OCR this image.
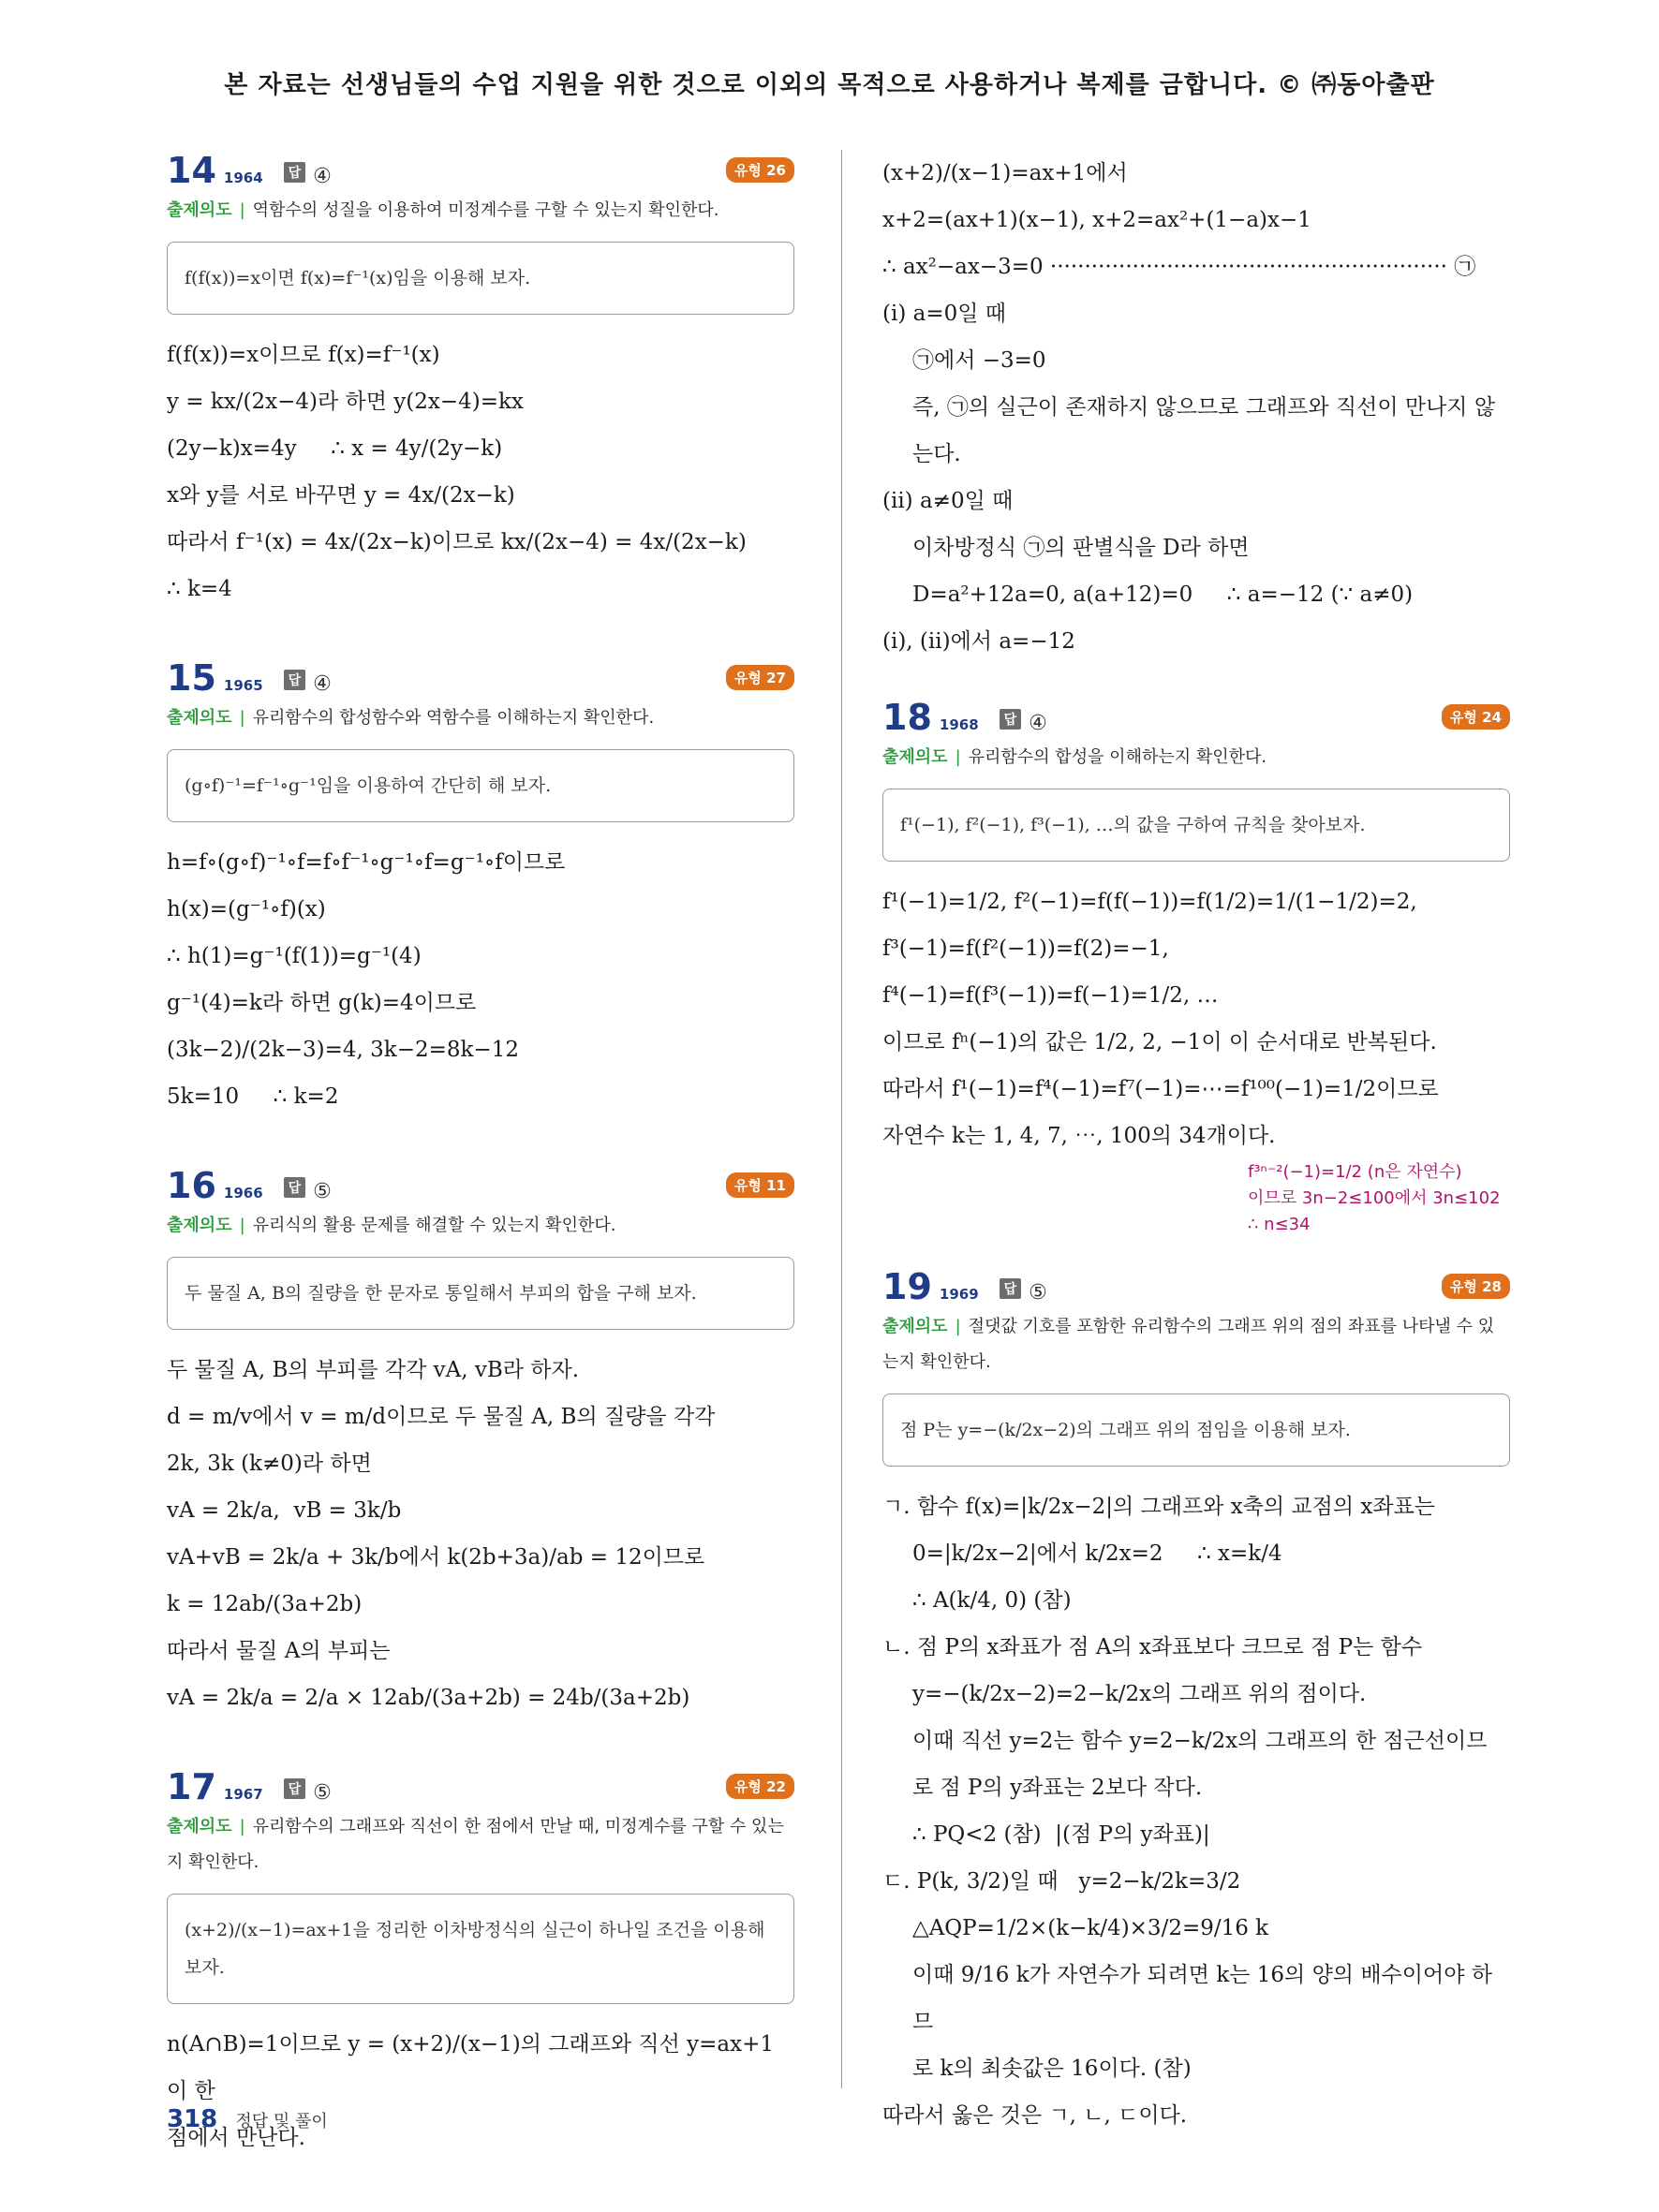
본 자료는 선생님들의 수업 지원을 위한 것으로 이외의 목적으로 사용하거나 복제를 금합니다. © ㈜동아출판
14 1964	답 ④	유형 26
출제의도 | 역함수의 성질을 이용하여 미정계수를 구할 수 있는지 확인한다.
f(f(x))=x이면 f(x)=f⁻¹(x)임을 이용해 보자.
f(f(x))=x이므로 f(x)=f⁻¹(x)
y = kx/(2x−4)라 하면 y(2x−4)=kx
(2y−k)x=4y     ∴ x = 4y/(2y−k)
x와 y를 서로 바꾸면 y = 4x/(2x−k)
따라서 f⁻¹(x) = 4x/(2x−k)이므로 kx/(2x−4) = 4x/(2x−k)
∴ k=4
15 1965	답 ④	유형 27
출제의도 | 유리함수의 합성함수와 역함수를 이해하는지 확인한다.
(g∘f)⁻¹=f⁻¹∘g⁻¹임을 이용하여 간단히 해 보자.
h=f∘(g∘f)⁻¹∘f=f∘f⁻¹∘g⁻¹∘f=g⁻¹∘f이므로
h(x)=(g⁻¹∘f)(x)
∴ h(1)=g⁻¹(f(1))=g⁻¹(4)
g⁻¹(4)=k라 하면 g(k)=4이므로
(3k−2)/(2k−3)=4, 3k−2=8k−12
5k=10     ∴ k=2
16 1966	답 ⑤	유형 11
출제의도 | 유리식의 활용 문제를 해결할 수 있는지 확인한다.
두 물질 A, B의 질량을 한 문자로 통일해서 부피의 합을 구해 보자.
두 물질 A, B의 부피를 각각 vA, vB라 하자.
d = m/v에서 v = m/d이므로 두 물질 A, B의 질량을 각각
2k, 3k (k≠0)라 하면
vA = 2k/a,  vB = 3k/b
vA+vB = 2k/a + 3k/b에서 k(2b+3a)/ab = 12이므로
k = 12ab/(3a+2b)
따라서 물질 A의 부피는
vA = 2k/a = 2/a × 12ab/(3a+2b) = 24b/(3a+2b)
17 1967	답 ⑤	유형 22
출제의도 | 유리함수의 그래프와 직선이 한 점에서 만날 때, 미정계수를 구할 수 있는지 확인한다.
(x+2)/(x−1)=ax+1을 정리한 이차방정식의 실근이 하나일 조건을 이용해 보자.
n(A∩B)=1이므로 y = (x+2)/(x−1)의 그래프와 직선 y=ax+1이 한
점에서 만난다.
(x+2)/(x−1)=ax+1에서
x+2=(ax+1)(x−1), x+2=ax²+(1−a)x−1
∴ ax²−ax−3=0 ·························································· ㉠
(i) a=0일 때
㉠에서 −3=0
즉, ㉠의 실근이 존재하지 않으므로 그래프와 직선이 만나지 않
는다.
(ii) a≠0일 때
이차방정식 ㉠의 판별식을 D라 하면
D=a²+12a=0, a(a+12)=0     ∴ a=−12 (∵ a≠0)
(i), (ii)에서 a=−12
18 1968	답 ④	유형 24
출제의도 | 유리함수의 합성을 이해하는지 확인한다.
f¹(−1), f²(−1), f³(−1), …의 값을 구하여 규칙을 찾아보자.
f¹(−1)=1/2, f²(−1)=f(f(−1))=f(1/2)=1/(1−1/2)=2,
f³(−1)=f(f²(−1))=f(2)=−1,
f⁴(−1)=f(f³(−1))=f(−1)=1/2, …
이므로 fⁿ(−1)의 값은 1/2, 2, −1이 이 순서대로 반복된다.
따라서 f¹(−1)=f⁴(−1)=f⁷(−1)=⋯=f¹⁰⁰(−1)=1/2이므로
자연수 k는 1, 4, 7, ⋯, 100의 34개이다.
f³ⁿ⁻²(−1)=1/2 (n은 자연수)
이므로 3n−2≤100에서 3n≤102
∴ n≤34
19 1969	답 ⑤	유형 28
출제의도 | 절댓값 기호를 포함한 유리함수의 그래프 위의 점의 좌표를 나타낼 수 있는지 확인한다.
점 P는 y=−(k/2x−2)의 그래프 위의 점임을 이용해 보자.
ㄱ. 함수 f(x)=|k/2x−2|의 그래프와 x축의 교점의 x좌표는
0=|k/2x−2|에서 k/2x=2     ∴ x=k/4
∴ A(k/4, 0) (참)
ㄴ. 점 P의 x좌표가 점 A의 x좌표보다 크므로 점 P는 함수
y=−(k/2x−2)=2−k/2x의 그래프 위의 점이다.
이때 직선 y=2는 함수 y=2−k/2x의 그래프의 한 점근선이므
로 점 P의 y좌표는 2보다 작다.
∴ PQ<2 (참)  |(점 P의 y좌표)|
ㄷ. P(k, 3/2)일 때   y=2−k/2k=3/2
△AQP=1/2×(k−k/4)×3/2=9/16 k
이때 9/16 k가 자연수가 되려면 k는 16의 양의 배수이어야 하므
로 k의 최솟값은 16이다. (참)
따라서 옳은 것은 ㄱ, ㄴ, ㄷ이다.
318 정답 및 풀이
